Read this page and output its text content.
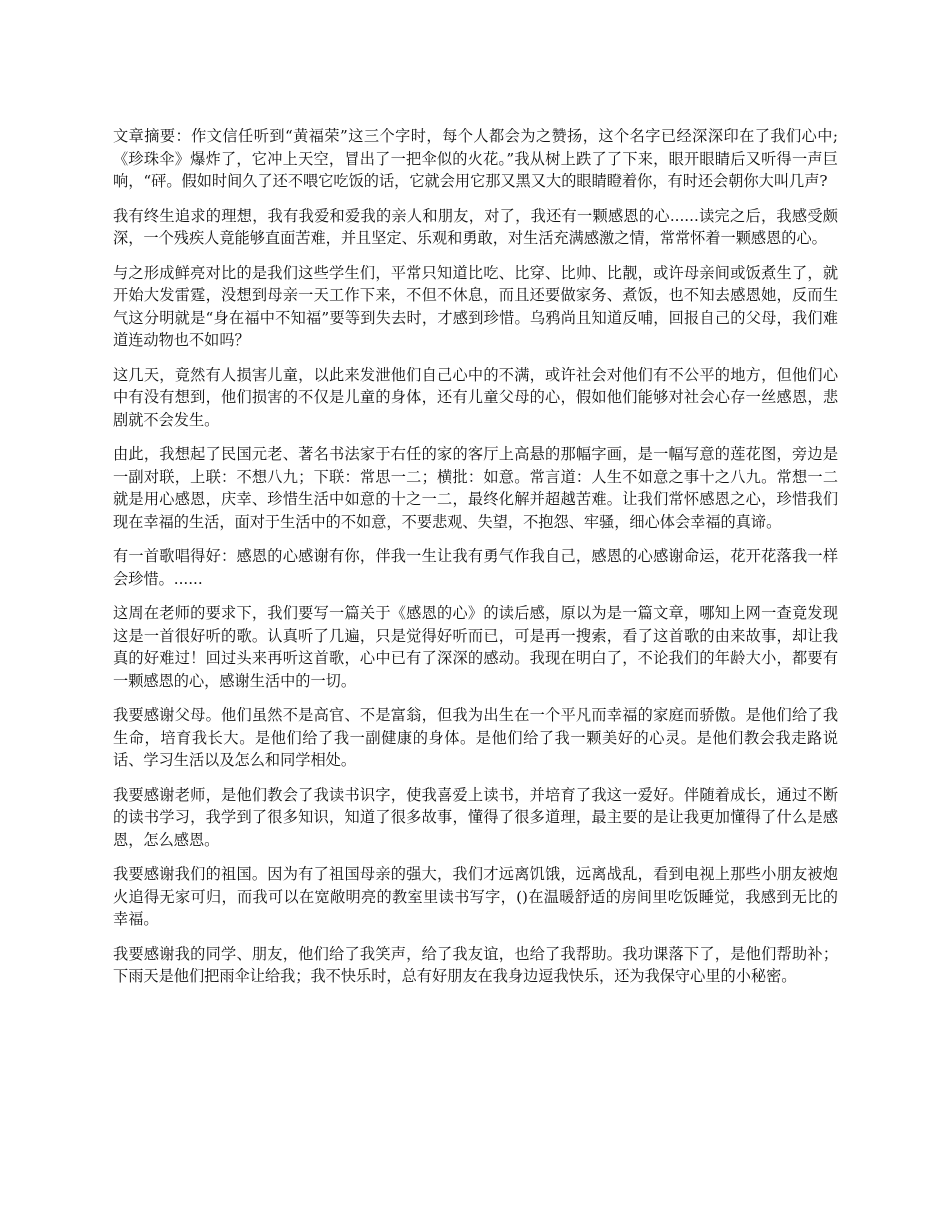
文章摘要：作文信任听到“黄福荣”这三个字时，每个人都会为之赞扬，这个名字已经深深印在了我们心中;《珍珠伞》爆炸了，它冲上天空，冒出了一把伞似的火花。”我从树上跌了了下来，眼开眼睛后又听得一声巨响，“砰。假如时间久了还不喂它吃饭的话，它就会用它那又黑又大的眼睛瞪着你，有时还会朝你大叫几声?

我有终生追求的理想，我有我爱和爱我的亲人和朋友，对了，我还有一颗感恩的心......读完之后，我感受颇深，一个残疾人竟能够直面苦难，并且坚定、乐观和勇敢，对生活充满感激之情，常常怀着一颗感恩的心。

与之形成鲜亮对比的是我们这些学生们，平常只知道比吃、比穿、比帅、比靓，或许母亲间或饭煮生了，就开始大发雷霆，没想到母亲一天工作下来，不但不休息，而且还要做家务、煮饭，也不知去感恩她，反而生气这分明就是“身在福中不知福”要等到失去时，才感到珍惜。乌鸦尚且知道反哺，回报自己的父母，我们难道连动物也不如吗？

这几天，竟然有人损害儿童，以此来发泄他们自己心中的不满，或许社会对他们有不公平的地方，但他们心中有没有想到，他们损害的不仅是儿童的身体，还有儿童父母的心，假如他们能够对社会心存一丝感恩，悲剧就不会发生。

由此，我想起了民国元老、著名书法家于右任的家的客厅上高悬的那幅字画，是一幅写意的莲花图，旁边是一副对联，上联：不想八九；下联：常思一二；横批：如意。常言道：人生不如意之事十之八九。常想一二就是用心感恩，庆幸、珍惜生活中如意的十之一二，最终化解并超越苦难。让我们常怀感恩之心，珍惜我们现在幸福的生活，面对于生活中的不如意，不要悲观、失望，不抱怨、牢骚，细心体会幸福的真谛。

有一首歌唱得好：感恩的心感谢有你，伴我一生让我有勇气作我自己，感恩的心感谢命运，花开花落我一样会珍惜。......

这周在老师的要求下，我们要写一篇关于《感恩的心》的读后感，原以为是一篇文章，哪知上网一查竟发现这是一首很好听的歌。认真听了几遍，只是觉得好听而已，可是再一搜索，看了这首歌的由来故事，却让我真的好难过！回过头来再听这首歌，心中已有了深深的感动。我现在明白了，不论我们的年龄大小，都要有一颗感恩的心，感谢生活中的一切。

我要感谢父母。他们虽然不是高官、不是富翁，但我为出生在一个平凡而幸福的家庭而骄傲。是他们给了我生命，培育我长大。是他们给了我一副健康的身体。是他们给了我一颗美好的心灵。是他们教会我走路说话、学习生活以及怎么和同学相处。

我要感谢老师，是他们教会了我读书识字，使我喜爱上读书，并培育了我这一爱好。伴随着成长，通过不断的读书学习，我学到了很多知识，知道了很多故事，懂得了很多道理，最主要的是让我更加懂得了什么是感恩，怎么感恩。

我要感谢我们的祖国。因为有了祖国母亲的强大，我们才远离饥饿，远离战乱，看到电视上那些小朋友被炮火追得无家可归，而我可以在宽敞明亮的教室里读书写字，()在温暖舒适的房间里吃饭睡觉，我感到无比的幸福。

我要感谢我的同学、朋友，他们给了我笑声，给了我友谊，也给了我帮助。我功课落下了，是他们帮助补；下雨天是他们把雨伞让给我；我不快乐时，总有好朋友在我身边逗我快乐，还为我保守心里的小秘密。
